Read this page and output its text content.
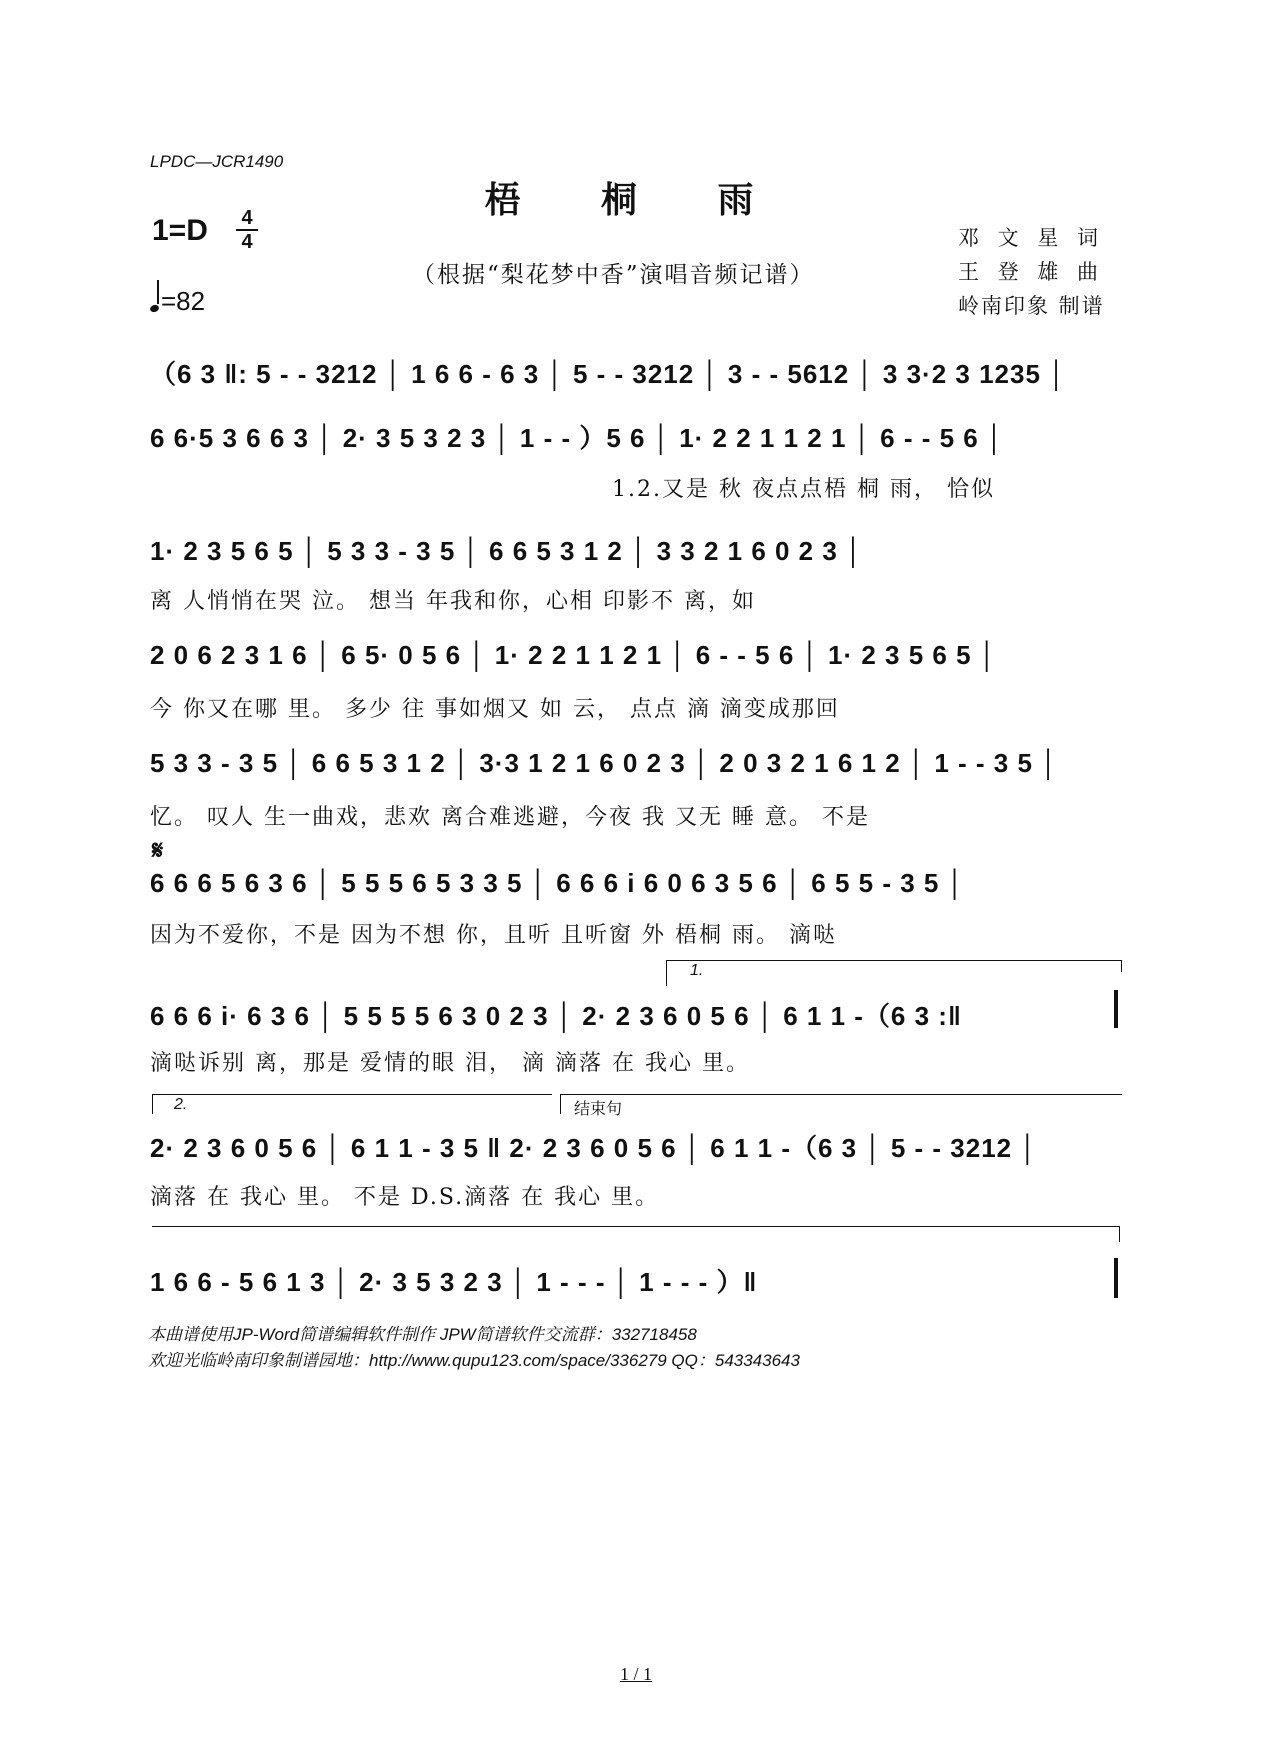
LPDC—JCR1490
梧 桐 雨
1=D 4
4
=82
（根据“梨花梦中香”演唱音频记谱）
邓 文 星 词
王 登 雄 曲
岭南印象 制谱
（6 3 ‖: 5 - - 3212 │ 1 6 6 - 6 3 │ 5 - - 3212 │ 3 - - 5612 │ 3 3·2 3 1235 │
6 6·5 3 6 6 3 │ 2· 3 5 3 2 3 │ 1 - - ）5 6 │ 1· 2 2 1 1 2 1 │ 6 - - 5 6 │
1.2.又是 秋 夜点点梧 桐 雨， 恰似
1· 2 3 5 6 5 │ 5 3 3 - 3 5 │ 6 6 5 3 1 2 │ 3 3 2 1 6 0 2 3 │
离 人悄悄在哭 泣。 想当 年我和你，心相 印影不 离，如
2 0 6 2 3 1 6 │ 6 5· 0 5 6 │ 1· 2 2 1 1 2 1 │ 6 - - 5 6 │ 1· 2 3 5 6 5 │
今 你又在哪 里。 多少 往 事如烟又 如 云， 点点 滴 滴变成那回
5 3 3 - 3 5 │ 6 6 5 3 1 2 │ 3·3 1 2 1 6 0 2 3 │ 2 0 3 2 1 6 1 2 │ 1 - - 3 5 │
忆。 叹人 生一曲戏，悲欢 离合难逃避，今夜 我 又无 睡 意。 不是
𝄋
6 6 6 5 6 3 6 │ 5 5 5 6 5 3 3 5 │ 6 6 6 i 6 0 6 3 5 6 │ 6 5 5 - 3 5 │
因为不爱你，不是 因为不想 你，且听 且听窗 外 梧桐 雨。 滴哒
1.
6 6 6 i· 6 3 6 │ 5 5 5 5 6 3 0 2 3 │ 2· 2 3 6 0 5 6 │ 6 1 1 -（6 3 :‖
滴哒诉别 离，那是 爱情的眼 泪， 滴 滴落 在 我心 里。
2.	结束句
2· 2 3 6 0 5 6 │ 6 1 1 - 3 5 ‖ 2· 2 3 6 0 5 6 │ 6 1 1 -（6 3 │ 5 - - 3212 │
滴落 在 我心 里。 不是 D.S.滴落 在 我心 里。
1 6 6 - 5 6 1 3 │ 2· 3 5 3 2 3 │ 1 - - - │ 1 - - - ）‖
本曲谱使用JP-Word简谱编辑软件制作 JPW简谱软件交流群：332718458
欢迎光临岭南印象制谱园地：http://www.qupu123.com/space/336279 QQ：543343643
1 / 1
